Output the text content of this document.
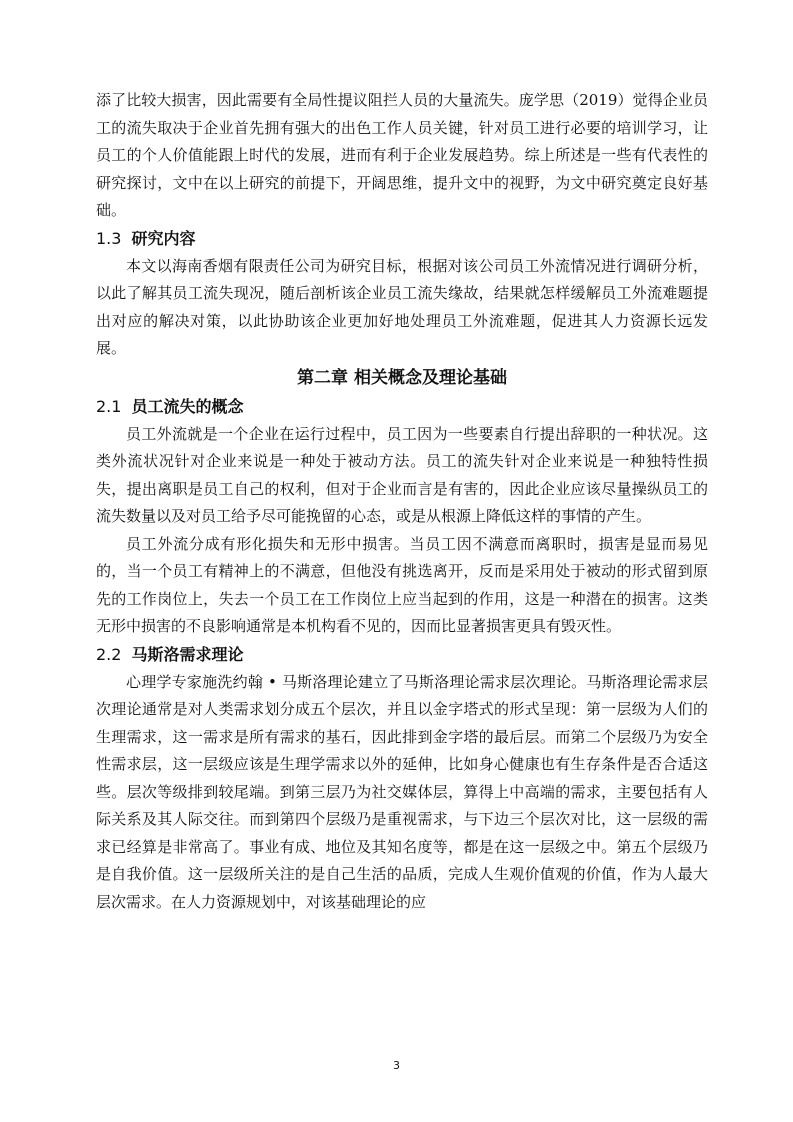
添了比较大损害，因此需要有全局性提议阻拦人员的大量流失。庞学思（2019）觉得企业员工的流失取决于企业首先拥有强大的出色工作人员关键，针对员工进行必要的培训学习，让员工的个人价值能跟上时代的发展，进而有利于企业发展趋势。综上所述是一些有代表性的研究探讨，文中在以上研究的前提下，开阔思维，提升文中的视野，为文中研究奠定良好基础。

1.3 研究内容

本文以海南香烟有限责任公司为研究目标，根据对该公司员工外流情况进行调研分析，以此了解其员工流失现况，随后剖析该企业员工流失缘故，结果就怎样缓解员工外流难题提出对应的解决对策，以此协助该企业更加好地处理员工外流难题，促进其人力资源长远发展。

第二章 相关概念及理论基础
2.1 员工流失的概念

员工外流就是一个企业在运行过程中，员工因为一些要素自行提出辞职的一种状况。这类外流状况针对企业来说是一种处于被动方法。员工的流失针对企业来说是一种独特性损失，提出离职是员工自己的权利，但对于企业而言是有害的，因此企业应该尽量操纵员工的流失数量以及对员工给予尽可能挽留的心态，或是从根源上降低这样的事情的产生。

员工外流分成有形化损失和无形中损害。当员工因不满意而离职时，损害是显而易见的，当一个员工有精神上的不满意，但他没有挑选离开，反而是采用处于被动的形式留到原先的工作岗位上，失去一个员工在工作岗位上应当起到的作用，这是一种潜在的损害。这类无形中损害的不良影响通常是本机构看不见的，因而比显著损害更具有毁灭性。

2.2 马斯洛需求理论

心理学专家施洗约翰 • 马斯洛理论建立了马斯洛理论需求层次理论。马斯洛理论需求层次理论通常是对人类需求划分成五个层次，并且以金字塔式的形式呈现：第一层级为人们的生理需求，这一需求是所有需求的基石，因此排到金字塔的最后层。而第二个层级乃为安全性需求层，这一层级应该是生理学需求以外的延伸，比如身心健康也有生存条件是否合适这些。层次等级排到较尾端。到第三层乃为社交媒体层，算得上中高端的需求，主要包括有人际关系及其人际交往。而到第四个层级乃是重视需求，与下边三个层次对比，这一层级的需求已经算是非常高了。事业有成、地位及其知名度等，都是在这一层级之中。第五个层级乃是自我价值。这一层级所关注的是自己生活的品质，完成人生观价值观的价值，作为人最大层次需求。在人力资源规划中，对该基础理论的应

3
